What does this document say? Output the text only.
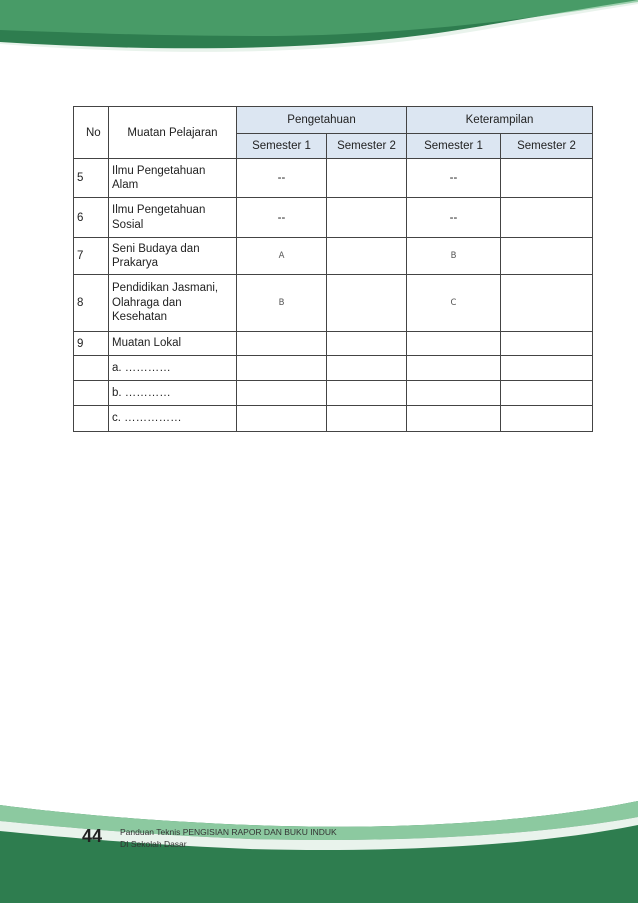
No	Muatan Pelajaran	Pengetahuan		Keterampilan	
		Semester 1	Semester 2	Semester 1	Semester 2
5	Ilmu Pengetahuan
Alam	--		--	
6	Ilmu Pengetahuan
Sosial	--		--	
7	Seni Budaya dan
Prakarya	A		B	
8	Pendidikan Jasmani,
Olahraga dan
Kesehatan	B		C	
9	Muatan Lokal				
	a. …………				
	b. …………				
	c. ……………				
44 Panduan Teknis PENGISIAN RAPOR DAN BUKU INDUK
DI Sekolah Dasar
